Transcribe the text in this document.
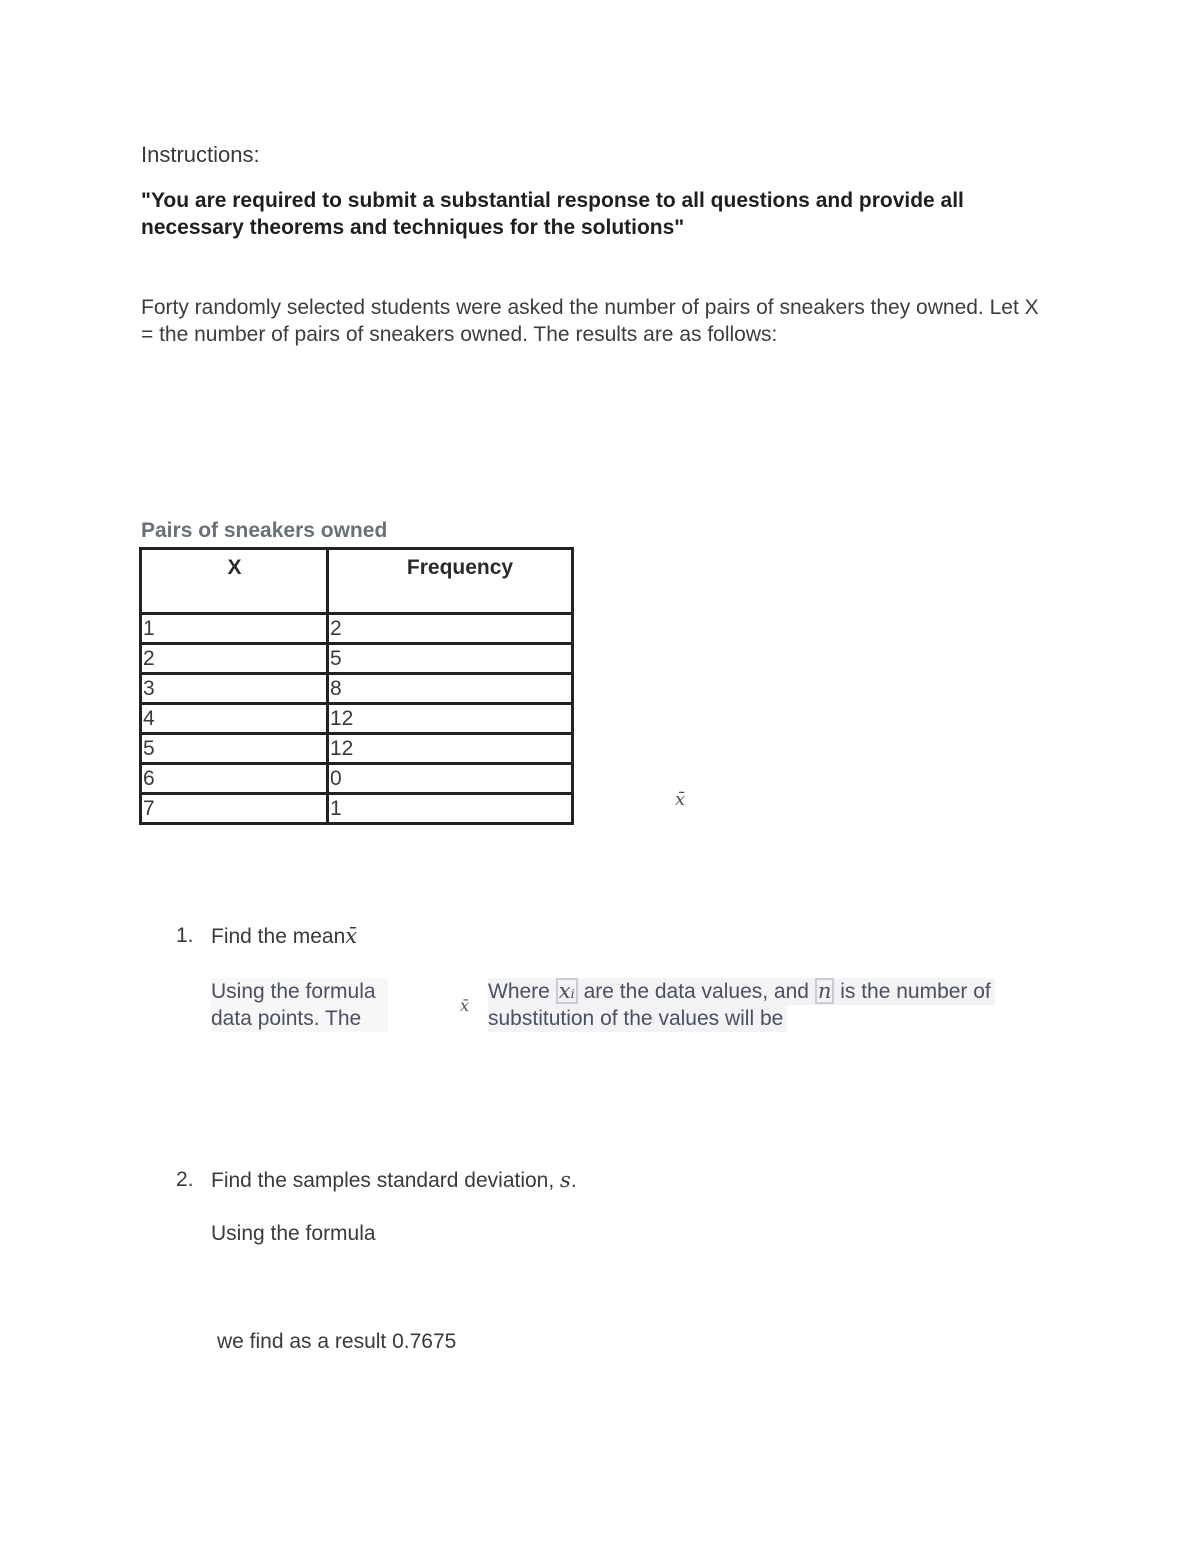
Instructions:
"You are required to submit a substantial response to all questions and provide all necessary theorems and techniques for the solutions"
Forty randomly selected students were asked the number of pairs of sneakers they owned. Let X = the number of pairs of sneakers owned. The results are as follows:
Pairs of sneakers owned
X	Frequency
1	2
2	5
3	8
4	12
5	12
6	0
7	1	x̄
1. Find the meanx̄
Using the formula
data points. The
x̄
Where xᵢ are the data values, and n is the number of
substitution of the values will be
2. Find the samples standard deviation, s.
Using the formula
we find as a result 0.7675
